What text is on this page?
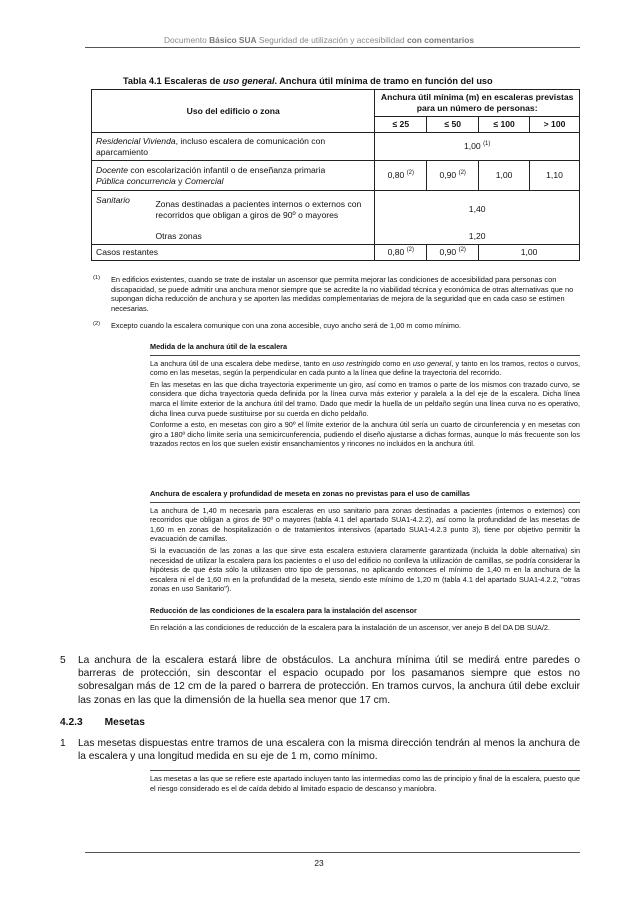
Documento Básico SUA Seguridad de utilización y accesibilidad con comentarios
Tabla 4.1 Escaleras de uso general. Anchura útil mínima de tramo en función del uso
Uso del edificio o zona		Anchura útil mínima (m) en escaleras previstas para un número de personas:			
		≤ 25	≤ 50	≤ 100	> 100
Residencial Vivienda, incluso escalera de comunicación con aparcamiento		1,00 $^{(1)}$
Docente con escolarización infantil o de enseñanza primaria
Pública concurrencia y Comercial		0,80 $^{(2)}$	0,90 $^{(2)}$	1,00	1,10
Sanitario	Zonas destinadas a pacientes internos o externos con recorridos que obligan a giros de 90º o mayores	1,40			
	Otras zonas	1,20			
Casos restantes		0,80 $^{(2)}$	0,90 $^{(2)}$	1,00	
(1) En edificios existentes, cuando se trate de instalar un ascensor que permita mejorar las condiciones de accesibilidad para personas con discapacidad, se puede admitir una anchura menor siempre que se acredite la no viabilidad técnica y económica de otras alternativas que no supongan dicha reducción de anchura y se aporten las medidas complementarias de mejora de la seguridad que en cada caso se estimen necesarias.
(2) Excepto cuando la escalera comunique con una zona accesible, cuyo ancho será de 1,00 m como mínimo.
Medida de la anchura útil de la escalera

La anchura útil de una escalera debe medirse, tanto en uso restringido como en uso general, y tanto en los tramos, rectos o curvos, como en las mesetas, según la perpendicular en cada punto a la línea que define la trayectoria del recorrido.

En las mesetas en las que dicha trayectoria experimente un giro, así como en tramos o parte de los mismos con trazado curvo, se considera que dicha trayectoria queda definida por la línea curva más exterior y paralela a la del eje de la escalera. Dicha línea marca el límite exterior de la anchura útil del tramo. Dado que medir la huella de un peldaño según una línea curva no es operativo, dicha línea curva puede sustituirse por su cuerda en dicho peldaño.

Conforme a esto, en mesetas con giro a 90º el límite exterior de la anchura útil sería un cuarto de circunferencia y en mesetas con giro a 180º dicho límite sería una semicircunferencia, pudiendo el diseño ajustarse a dichas formas, aunque lo más frecuente son los trazados rectos en los que suelen existir ensanchamientos y rincones no incluidos en la anchura útil.

Anchura de escalera y profundidad de meseta en zonas no previstas para el uso de camillas

La anchura de 1,40 m necesaria para escaleras en uso sanitario para zonas destinadas a pacientes (internos o externos) con recorridos que obligan a giros de 90º o mayores (tabla 4.1 del apartado SUA1-4.2.2), así como la profundidad de las mesetas de 1,60 m en zonas de hospitalización o de tratamientos intensivos (apartado SUA1-4.2.3 punto 3), tiene por objetivo permitir la evacuación de camillas.

Si la evacuación de las zonas a las que sirve esta escalera estuviera claramente garantizada (incluida la doble alternativa) sin necesidad de utilizar la escalera para los pacientes o el uso del edificio no conlleva la utilización de camillas, se podría considerar la hipótesis de que ésta sólo la utilizasen otro tipo de personas, no aplicando entonces el mínimo de 1,40 m en la anchura de la escalera ni el de 1,60 m en la profundidad de la meseta, siendo este mínimo de 1,20 m (tabla 4.1 del apartado SUA1-4.2.2, "otras zonas en uso Sanitario").

Reducción de las condiciones de la escalera para la instalación del ascensor

En relación a las condiciones de reducción de la escalera para la instalación de un ascensor, ver anejo B del DA DB SUA/2.

5 La anchura de la escalera estará libre de obstáculos. La anchura mínima útil se medirá entre paredes o barreras de protección, sin descontar el espacio ocupado por los pasamanos siempre que estos no sobresalgan más de 12 cm de la pared o barrera de protección. En tramos curvos, la anchura útil debe excluir las zonas en las que la dimensión de la huella sea menor que 17 cm.
4.2.3 Mesetas
1 Las mesetas dispuestas entre tramos de una escalera con la misma dirección tendrán al menos la anchura de la escalera y una longitud medida en su eje de 1 m, como mínimo.

Las mesetas a las que se refiere este apartado incluyen tanto las intermedias como las de principio y final de la escalera, puesto que el riesgo considerado es el de caída debido al limitado espacio de descanso y maniobra.

23
